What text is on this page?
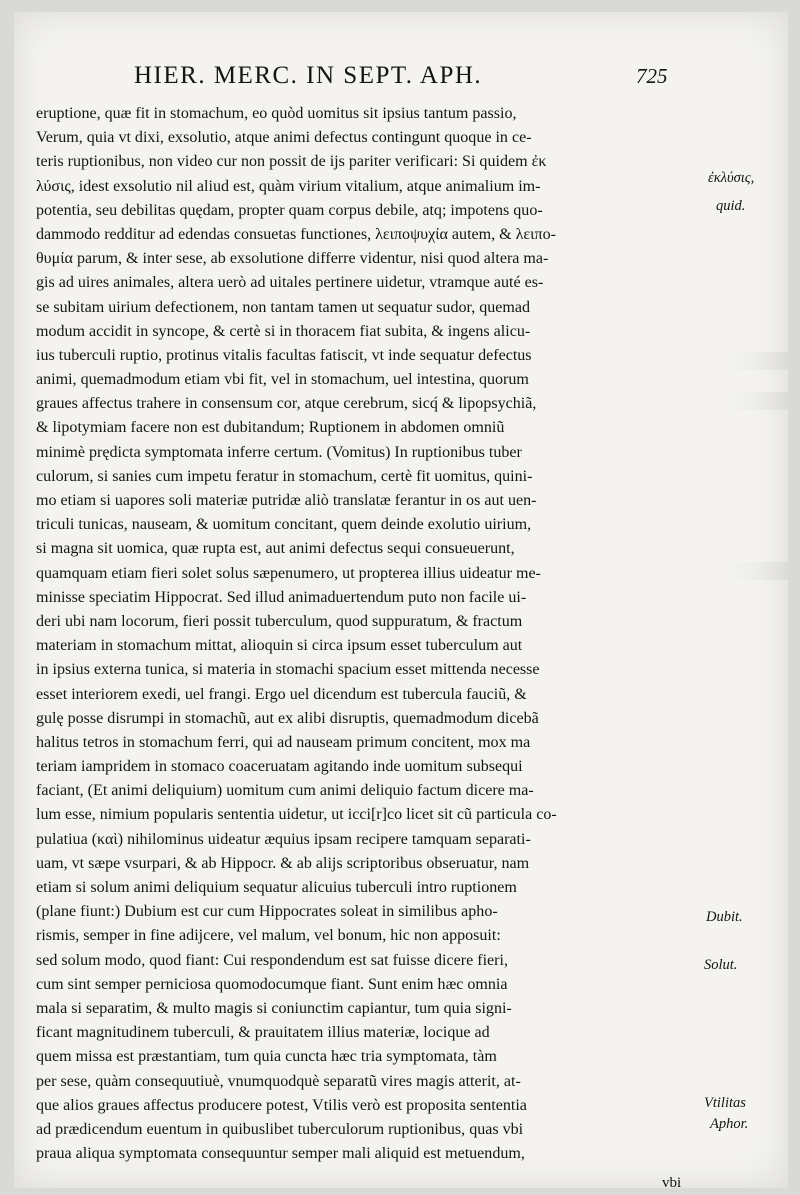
HIER. MERC. IN SEPT. APH.	725
eruptione, quæ fit in stomachum, eo quòd uomitus sit ipsius tantum passio,
Verum, quia vt dixi, exsolutio, atque animi defectus contingunt quoque in ce-
teris ruptionibus, non video cur non possit de ijs pariter verificari: Si quidem ἐκ
λύσις, idest exsolutio nil aliud est, quàm virium vitalium, atque animalium im-
potentia, seu debilitas quędam, propter quam corpus debile, atq; impotens quo-
dammodo redditur ad edendas consuetas functiones, λειποψυχία autem, & λειπο-
θυμία parum, & inter sese, ab exsolutione differre videntur, nisi quod altera ma-
gis ad uires animales, altera uerò ad uitales pertinere uidetur, vtramque auté es-
se subitam uirium defectionem, non tantam tamen ut sequatur sudor, quemad
modum accidit in syncope, & certè si in thoracem fiat subita, & ingens alicu-
ius tuberculi ruptio, protinus vitalis facultas fatiscit, vt inde sequatur defectus
animi, quemadmodum etiam vbi fit, vel in stomachum, uel intestina, quorum
graues affectus trahere in consensum cor, atque cerebrum, sicq́ & lipopsychiã,
& lipotymiam facere non est dubitandum; Ruptionem in abdomen omniũ
minimè prędicta symptomata inferre certum. (Vomitus) In ruptionibus tuber
culorum, si sanies cum impetu feratur in stomachum, certè fit uomitus, quini-
mo etiam si uapores soli materiæ putridæ aliò translatæ ferantur in os aut uen-
triculi tunicas, nauseam, & uomitum concitant, quem deinde exolutio uirium,
si magna sit uomica, quæ rupta est, aut animi defectus sequi consueuerunt,
quamquam etiam fieri solet solus sæpenumero, ut propterea illius uideatur me-
minisse speciatim Hippocrat. Sed illud animaduertendum puto non facile ui-
deri ubi nam locorum, fieri possit tuberculum, quod suppuratum, & fractum
materiam in stomachum mittat, alioquin si circa ipsum esset tuberculum aut
in ipsius externa tunica, si materia in stomachi spacium esset mittenda necesse
esset interiorem exedi, uel frangi. Ergo uel dicendum est tubercula fauciũ, &
gulę posse disrumpi in stomachũ, aut ex alibi disruptis, quemadmodum dicebã
halitus tetros in stomachum ferri, qui ad nauseam primum concitent, mox ma
teriam iampridem in stomaco coaceruatam agitando inde uomitum subsequi
faciant, (Et animi deliquium) uomitum cum animi deliquio factum dicere ma-
lum esse, nimium popularis sententia uidetur, ut icci[r]co licet sit cũ particula co-
pulatiua (καὶ) nihilominus uideatur æquius ipsam recipere tamquam separati-
uam, vt sæpe vsurpari, & ab Hippocr. & ab alijs scriptoribus obseruatur, nam
etiam si solum animi deliquium sequatur alicuius tuberculi intro ruptionem
(plane fiunt:) Dubium est cur cum Hippocrates soleat in similibus apho-
rismis, semper in fine adijcere, vel malum, vel bonum, hic non apposuit:
sed solum modo, quod fiant: Cui respondendum est sat fuisse dicere fieri,
cum sint semper perniciosa quomodocumque fiant. Sunt enim hæc omnia
mala si separatim, & multo magis si coniunctim capiantur, tum quia signi-
ficant magnitudinem tuberculi, & prauitatem illius materiæ, locique ad
quem missa est præstantiam, tum quia cuncta hæc tria symptomata, tàm
per sese, quàm consequutiuè, vnumquodquè separatũ vires magis atterit, at-
que alios graues affectus producere potest, Vtilis verò est proposita sententia
ad prædicendum euentum in quibuslibet tuberculorum ruptionibus, quas vbi
praua aliqua symptomata consequuntur semper mali aliquid est metuendum,
ἐκλύσις,
quid.
Dubit.
Solut.
Vtilitas
Aphor.
vbi
